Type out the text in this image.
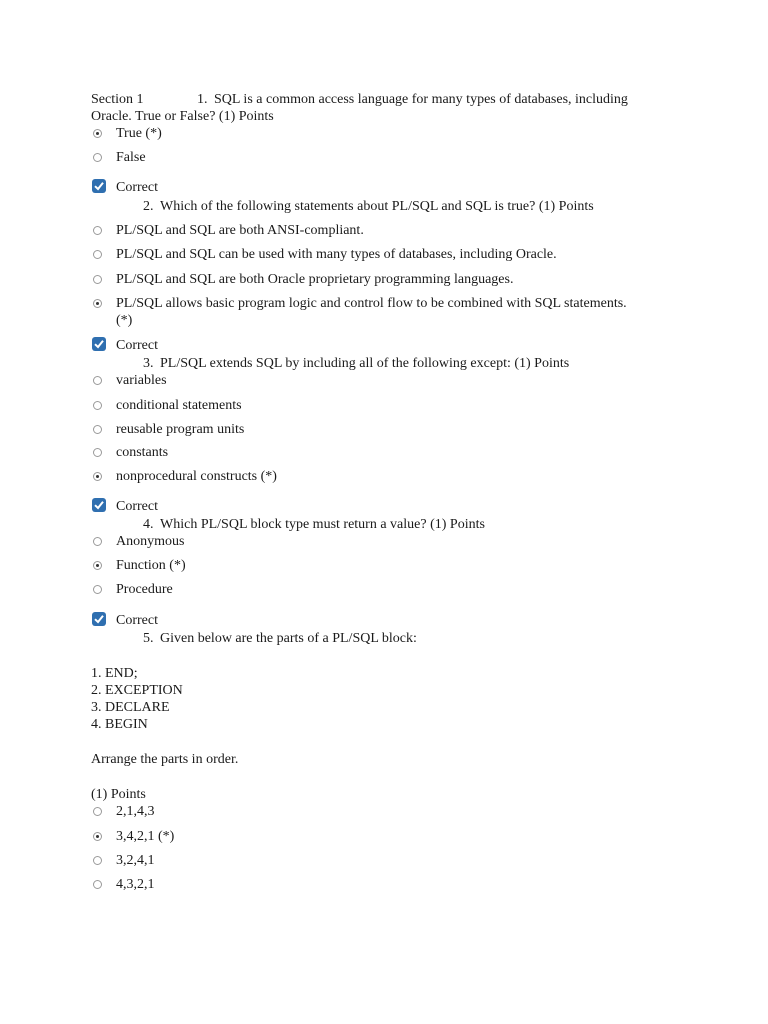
Section 1	1. SQL is a common access language for many types of databases, including
Oracle. True or False? (1) Points
True (*)
False
Correct
2. Which of the following statements about PL/SQL and SQL is true? (1) Points
PL/SQL and SQL are both ANSI-compliant.
PL/SQL and SQL can be used with many types of databases, including Oracle.
PL/SQL and SQL are both Oracle proprietary programming languages.
PL/SQL allows basic program logic and control flow to be combined with SQL statements.
(*)
Correct
3. PL/SQL extends SQL by including all of the following except: (1) Points
variables
conditional statements
reusable program units
constants
nonprocedural constructs (*)
Correct
4. Which PL/SQL block type must return a value? (1) Points
Anonymous
Function (*)
Procedure
Correct
5. Given below are the parts of a PL/SQL block:
1. END;
2. EXCEPTION
3. DECLARE
4. BEGIN
Arrange the parts in order.
(1) Points
2,1,4,3
3,4,2,1 (*)
3,2,4,1
4,3,2,1
